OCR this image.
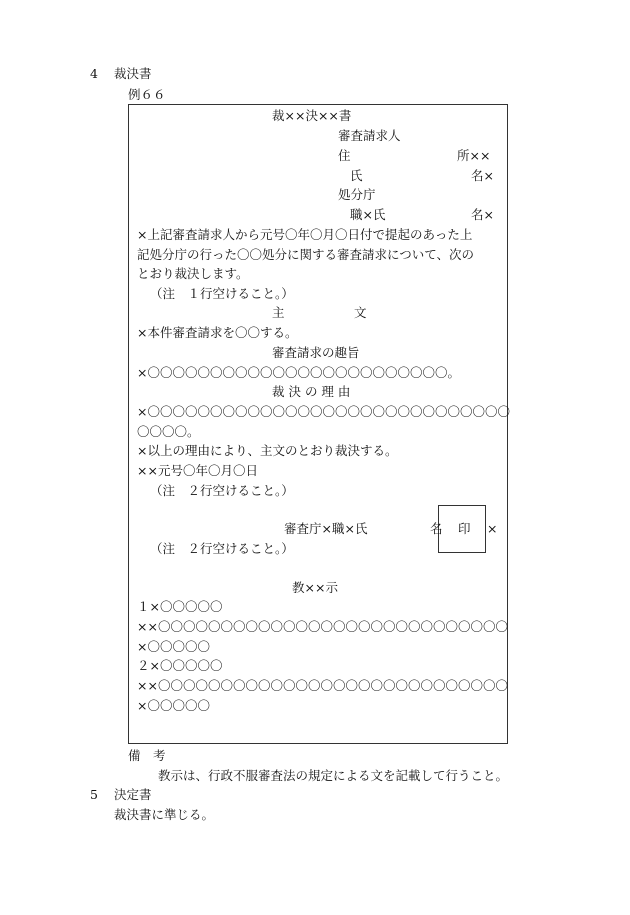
4 裁決書
例６６
裁××決××書
審査請求人
住	所××
氏	名×
処分庁
職×氏	名×
×上記審査請求人から元号〇年〇月〇日付で提起のあった上
記処分庁の行った〇〇処分に関する審査請求について、次の
とおり裁決します。
（注　１行空けること。）
主	文
×本件審査請求を〇〇する。
審査請求の趣旨
×〇〇〇〇〇〇〇〇〇〇〇〇〇〇〇〇〇〇〇〇〇〇〇〇。
裁 決 の 理 由
×〇〇〇〇〇〇〇〇〇〇〇〇〇〇〇〇〇〇〇〇〇〇〇〇〇〇〇〇〇
〇〇〇〇。
×以上の理由により、主文のとおり裁決する。
××元号〇年〇月〇日
（注　２行空けること。）
審査庁×職×氏	名 印 ×
（注　２行空けること。）
教××示
１×〇〇〇〇〇
××〇〇〇〇〇〇〇〇〇〇〇〇〇〇〇〇〇〇〇〇〇〇〇〇〇〇〇〇
×〇〇〇〇〇
２×〇〇〇〇〇
××〇〇〇〇〇〇〇〇〇〇〇〇〇〇〇〇〇〇〇〇〇〇〇〇〇〇〇〇
×〇〇〇〇〇
備　考
教示は、行政不服審査法の規定による文を記載して行うこと。
5 決定書
裁決書に準じる。
